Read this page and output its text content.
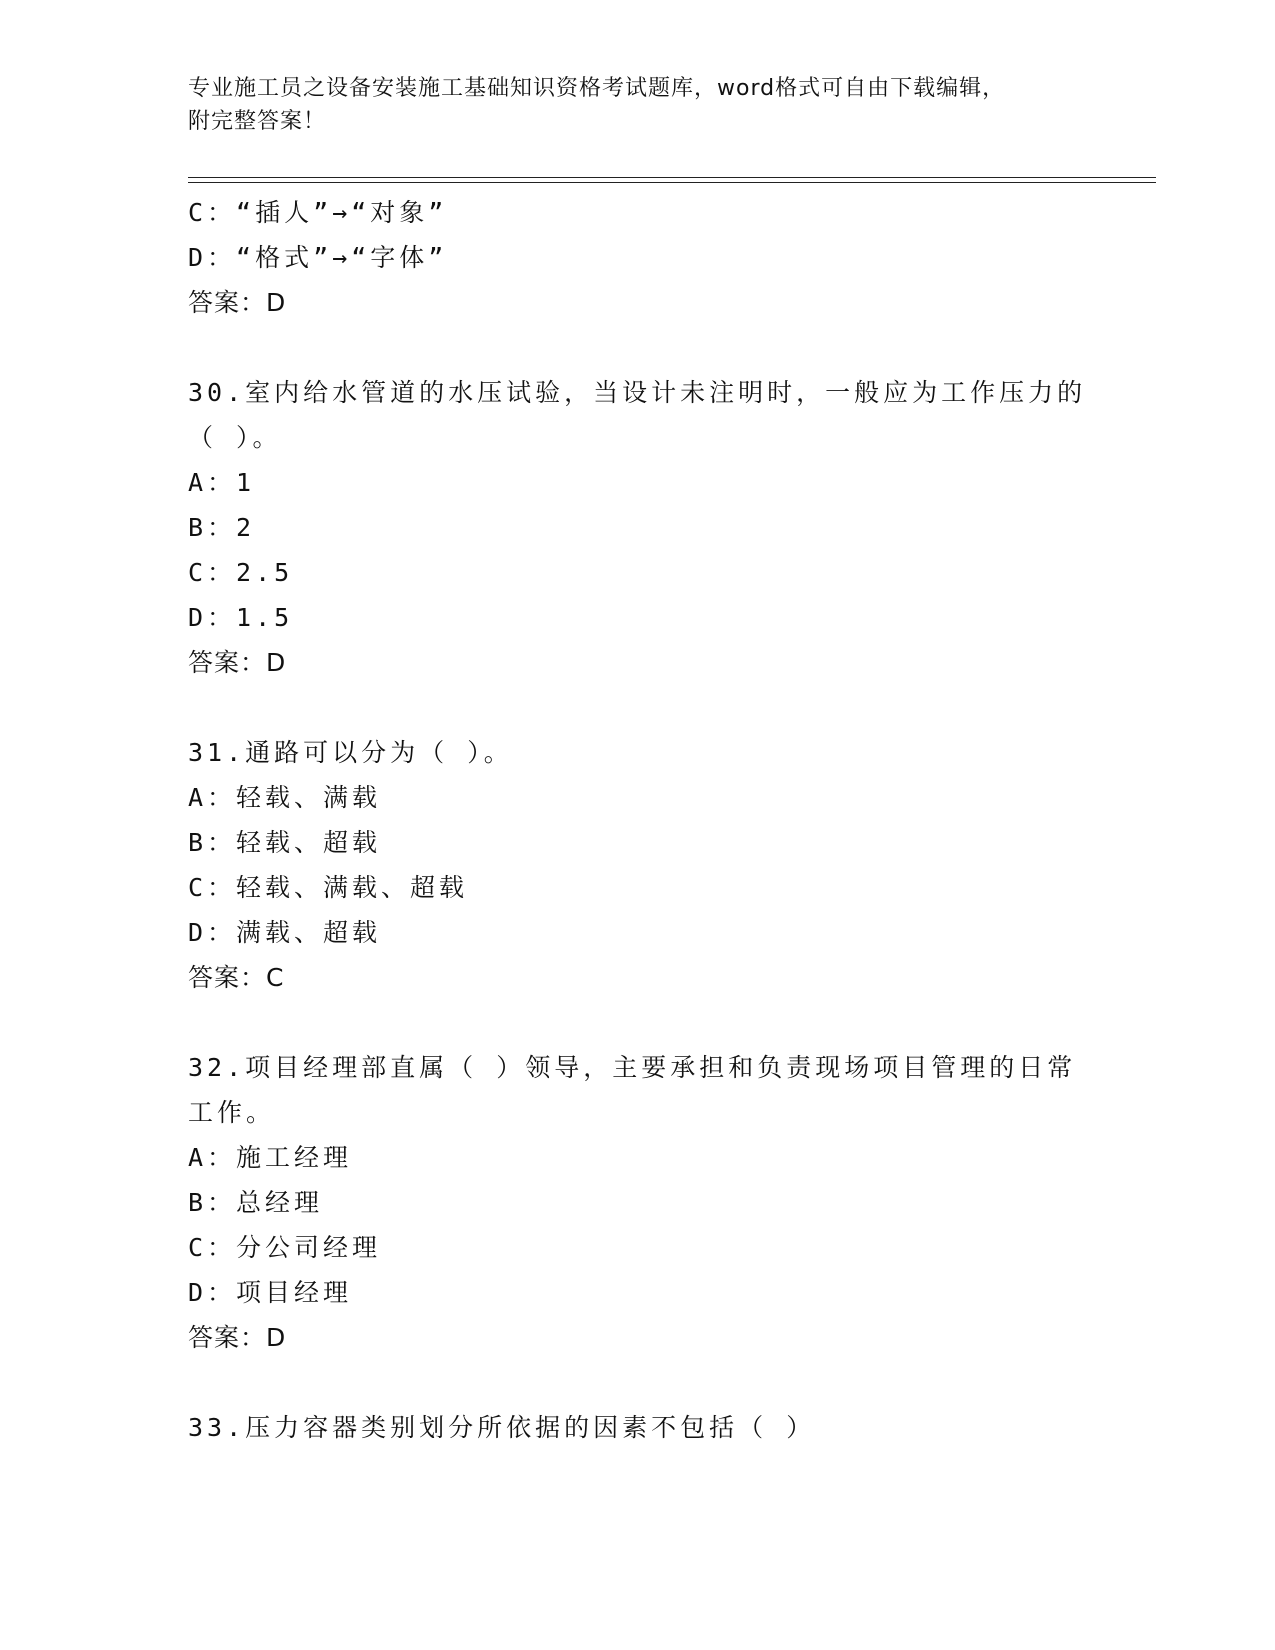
专业施工员之设备安装施工基础知识资格考试题库，word格式可自由下载编辑，
附完整答案！
C：“插人”→“对象”
D：“格式”→“字体”
答案：D
30.室内给水管道的水压试验，当设计未注明时，一般应为工作压力的
（ ）。
A：1
B：2
C：2.5
D：1.5
答案：D
31.通路可以分为（ ）。
A：轻载、满载
B：轻载、超载
C：轻载、满载、超载
D：满载、超载
答案：C
32.项目经理部直属（ ）领导，主要承担和负责现场项目管理的日常
工作。
A：施工经理
B：总经理
C：分公司经理
D：项目经理
答案：D
33.压力容器类别划分所依据的因素不包括（ ）
